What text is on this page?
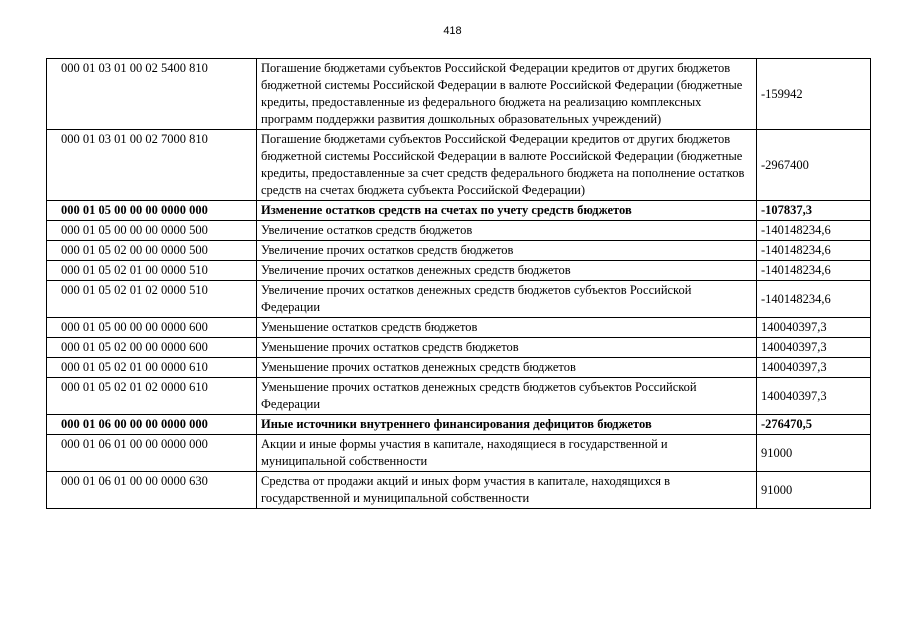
418
000 01 03 01 00 02 5400 810	Погашение бюджетами субъектов Российской Федерации кредитов от других бюджетов бюджетной системы Российской Федерации в валюте Российской Федерации (бюджетные кредиты, предоставленные из федерального бюджета на реализацию комплексных программ поддержки развития дошкольных образовательных учреждений)	-159942
000 01 03 01 00 02 7000 810	Погашение бюджетами субъектов Российской Федерации кредитов от других бюджетов бюджетной системы Российской Федерации в валюте Российской Федерации (бюджетные кредиты, предоставленные за счет средств федерального бюджета на пополнение остатков средств на счетах бюджета субъекта Российской Федерации)	-2967400
000 01 05 00 00 00 0000 000	Изменение остатков средств на счетах по учету средств бюджетов	-107837,3
000 01 05 00 00 00 0000 500	Увеличение остатков средств бюджетов	-140148234,6
000 01 05 02 00 00 0000 500	Увеличение прочих остатков средств бюджетов	-140148234,6
000 01 05 02 01 00 0000 510	Увеличение прочих остатков денежных средств бюджетов	-140148234,6
000 01 05 02 01 02 0000 510	Увеличение прочих остатков денежных средств бюджетов субъектов Российской Федерации	-140148234,6
000 01 05 00 00 00 0000 600	Уменьшение остатков средств бюджетов	140040397,3
000 01 05 02 00 00 0000 600	Уменьшение прочих остатков средств бюджетов	140040397,3
000 01 05 02 01 00 0000 610	Уменьшение прочих остатков денежных средств бюджетов	140040397,3
000 01 05 02 01 02 0000 610	Уменьшение прочих остатков денежных средств бюджетов субъектов Российской Федерации	140040397,3
000 01 06 00 00 00 0000 000	Иные источники внутреннего финансирования дефицитов бюджетов	-276470,5
000 01 06 01 00 00 0000 000	Акции и иные формы участия в капитале, находящиеся в государственной и муниципальной собственности	91000
000 01 06 01 00 00 0000 630	Средства от продажи акций и иных форм участия в капитале, находящихся в государственной и муниципальной собственности	91000
